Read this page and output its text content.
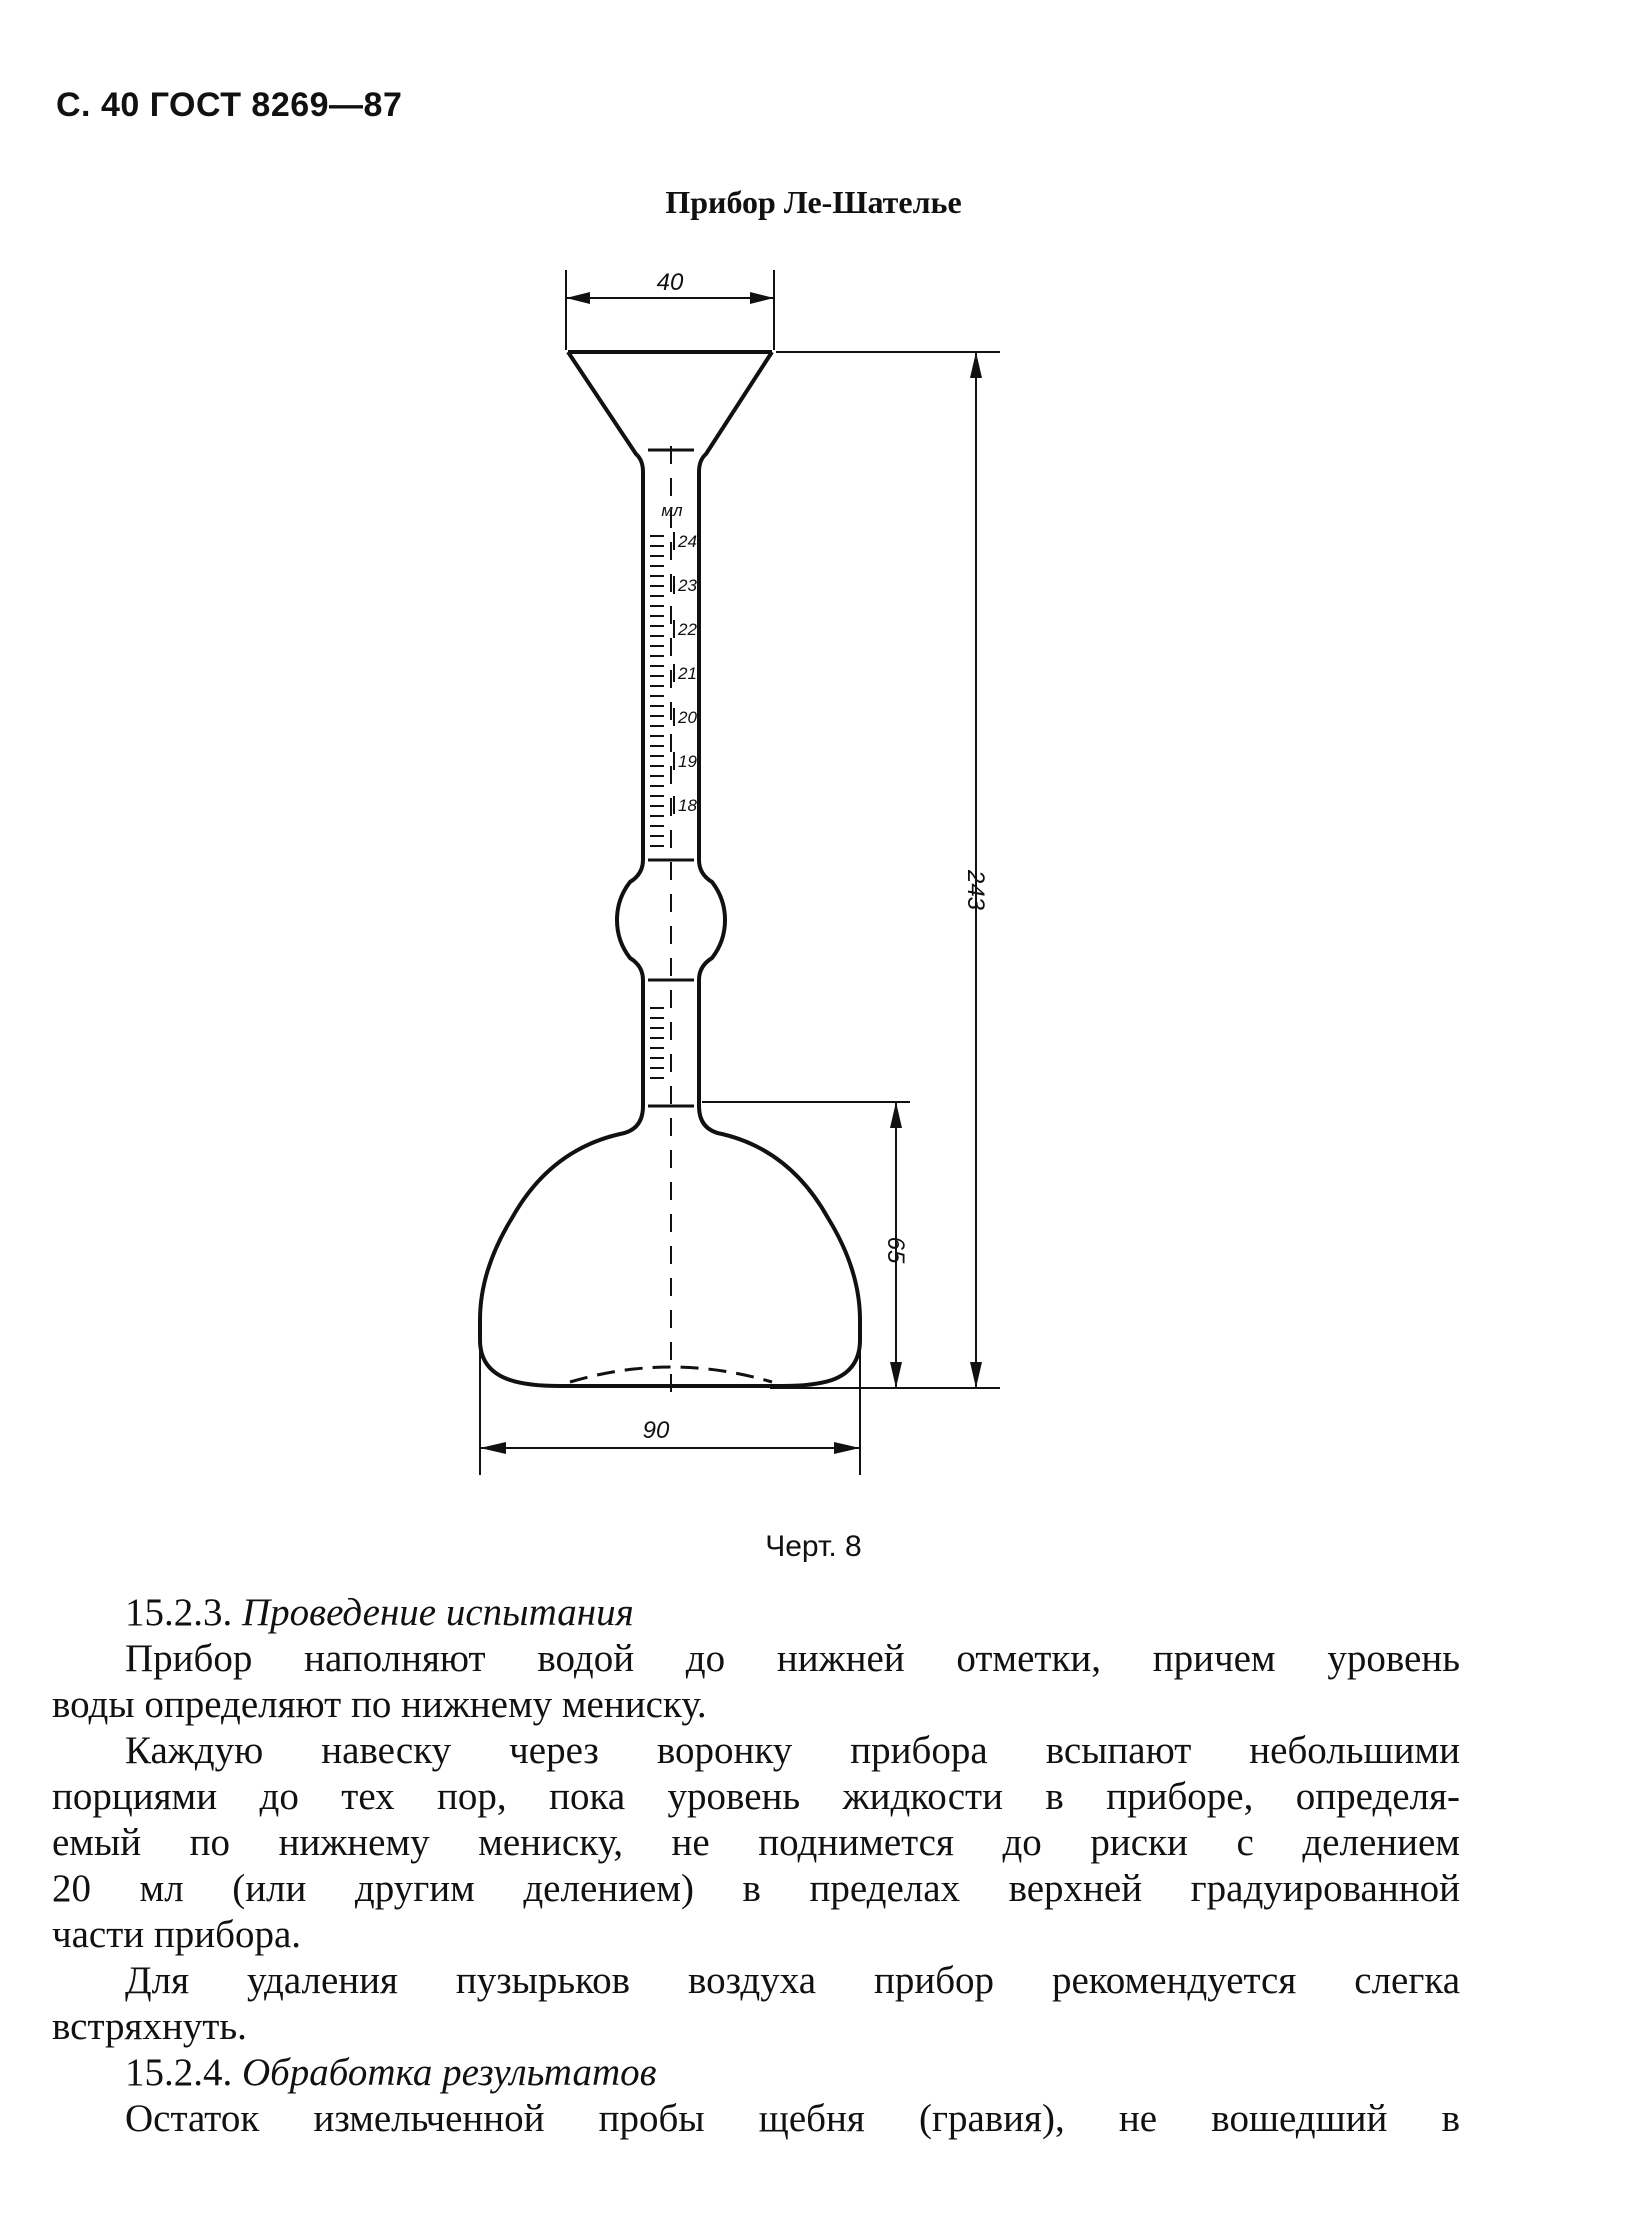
С. 40 ГОСТ 8269—87
Прибор Ле-Шателье
40
мл
24
23
22
21
20
19
18
90
243
65
Черт. 8
15.2.3. Проведение испытания
Прибор наполняют водой до нижней отметки, причем уровень
воды определяют по нижнему мениску.
Каждую навеску через воронку прибора всыпают небольшими
порциями до тех пор, пока уровень жидкости в приборе, определя-
емый по нижнему мениску, не поднимется до риски с делением
20 мл (или другим делением) в пределах верхней градуированной
части прибора.
Для удаления пузырьков воздуха прибор рекомендуется слегка
встряхнуть.
15.2.4. Обработка результатов
Остаток измельченной пробы щебня (гравия), не вошедший в
